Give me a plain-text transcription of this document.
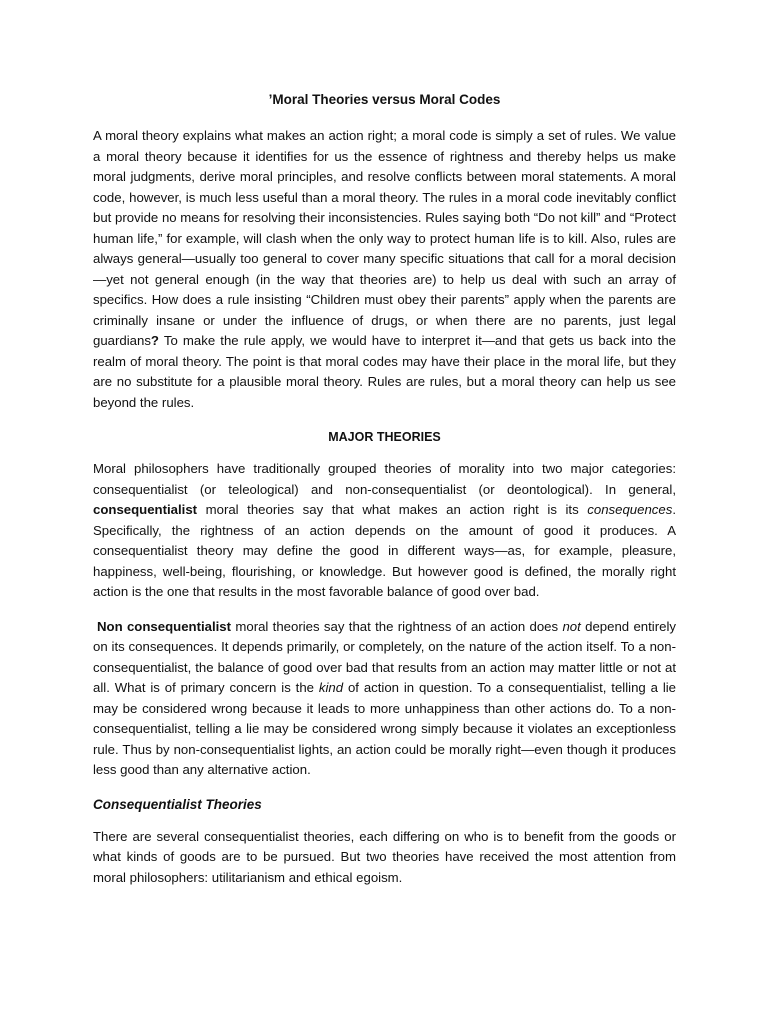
’Moral Theories versus Moral Codes

A moral theory explains what makes an action right; a moral code is simply a set of rules. We value a moral theory because it identifies for us the essence of rightness and thereby helps us make moral judgments, derive moral principles, and resolve conflicts between moral statements. A moral code, however, is much less useful than a moral theory. The rules in a moral code inevitably conflict but provide no means for resolving their inconsistencies. Rules saying both “Do not kill” and “Protect human life,” for example, will clash when the only way to protect human life is to kill. Also, rules are always general—usually too general to cover many specific situations that call for a moral decision—yet not general enough (in the way that theories are) to help us deal with such an array of specifics. How does a rule insisting “Children must obey their parents” apply when the parents are criminally insane or under the influence of drugs, or when there are no parents, just legal guardians? To make the rule apply, we would have to interpret it—and that gets us back into the realm of moral theory. The point is that moral codes may have their place in the moral life, but they are no substitute for a plausible moral theory. Rules are rules, but a moral theory can help us see beyond the rules.

MAJOR THEORIES

Moral philosophers have traditionally grouped theories of morality into two major categories: consequentialist (or teleological) and non-consequentialist (or deontological). In general, consequentialist moral theories say that what makes an action right is its consequences. Specifically, the rightness of an action depends on the amount of good it produces. A consequentialist theory may define the good in different ways—as, for example, pleasure, happiness, well-being, flourishing, or knowledge. But however good is defined, the morally right action is the one that results in the most favorable balance of good over bad.

Non consequentialist moral theories say that the rightness of an action does not depend entirely on its consequences. It depends primarily, or completely, on the nature of the action itself. To a non-consequentialist, the balance of good over bad that results from an action may matter little or not at all. What is of primary concern is the kind of action in question. To a consequentialist, telling a lie may be considered wrong because it leads to more unhappiness than other actions do. To a non-consequentialist, telling a lie may be considered wrong simply because it violates an exceptionless rule. Thus by non-consequentialist lights, an action could be morally right—even though it produces less good than any alternative action.

Consequentialist Theories

There are several consequentialist theories, each differing on who is to benefit from the goods or what kinds of goods are to be pursued. But two theories have received the most attention from moral philosophers: utilitarianism and ethical egoism.
